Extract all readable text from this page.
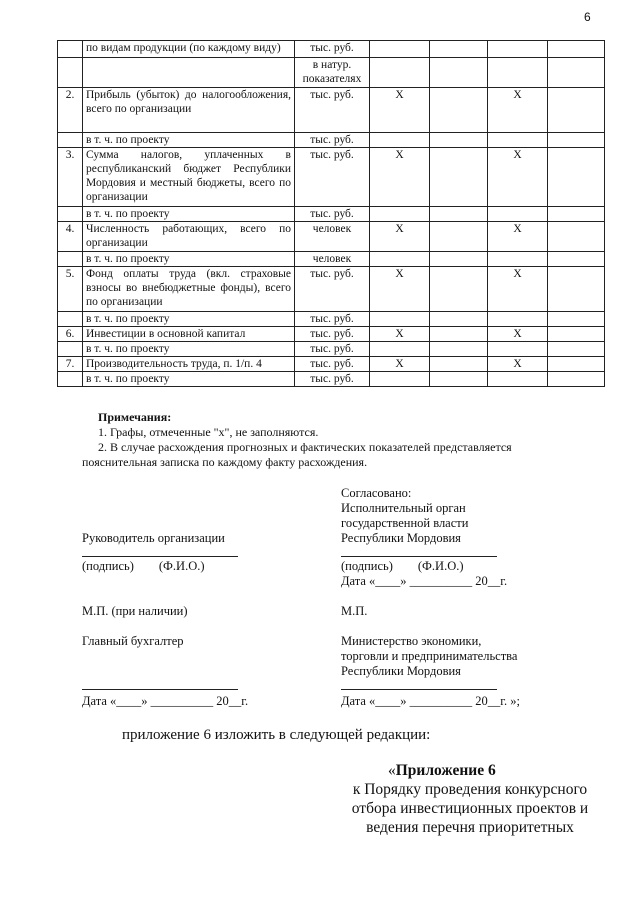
6
	по видам продукции (по каждому виду)	тыс. руб.				
		в натур. показателях				
2.	Прибыль (убыток) до налогообложения, всего по организации	тыс. руб.	Х		Х	
	в т. ч. по проекту	тыс. руб.				
3.	Сумма налогов, уплаченных в республиканский бюджет Республики Мордовия и местный бюджеты, всего по организации	тыс. руб.	Х		Х	
	в т. ч. по проекту	тыс. руб.				
4.	Численность работающих, всего по организации	человек	Х		Х	
	в т. ч. по проекту	человек				
5.	Фонд оплаты труда (вкл. страховые взносы во внебюджетные фонды), всего по организации	тыс. руб.	Х		Х	
	в т. ч. по проекту	тыс. руб.				
6.	Инвестиции в основной капитал	тыс. руб.	Х		Х	
	в т. ч. по проекту	тыс. руб.				
7.	Производительность труда, п. 1/п. 4	тыс. руб.	Х		Х	
	в т. ч. по проекту	тыс. руб.				
Примечания:
1. Графы, отмеченные "х", не заполняются.
2. В случае расхождения прогнозных и фактических показателей представляется
пояснительная записка по каждому факту расхождения.
Согласовано:
Исполнительный орган
государственной власти
Республики Мордовия
Руководитель организации
(подпись)        (Ф.И.О.)	(подпись)        (Ф.И.О.)
Дата «____» __________ 20__г.
М.П. (при наличии)	М.П.
Главный бухгалтер	Министерство экономики,
торговли и предпринимательства
Республики Мордовия
Дата «____» __________ 20__г.	Дата «____» __________ 20__г. »;
приложение 6 изложить в следующей редакции:
«Приложение 6
к Порядку проведения конкурсного
отбора инвестиционных проектов и
ведения перечня приоритетных
